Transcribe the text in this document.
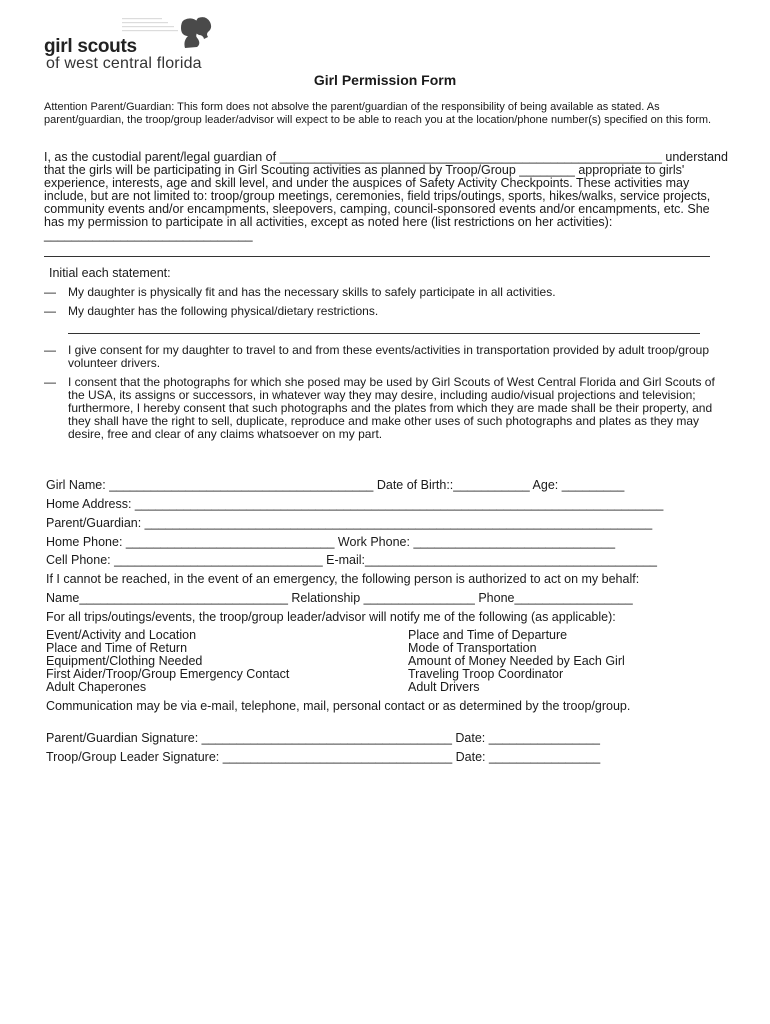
girl scouts
of west central florida
Girl Permission Form

Attention Parent/Guardian: This form does not absolve the parent/guardian of the responsibility of being available as stated. As parent/guardian, the troop/group leader/advisor will expect to be able to reach you at the location/phone number(s) specified on this form.

I, as the custodial parent/legal guardian of _______________________________________________________ understand that the girls will be participating in Girl Scouting activities as planned by Troop/Group ________ appropriate to girls' experience, interests, age and skill level, and under the auspices of Safety Activity Checkpoints. These activities may include, but are not limited to: troop/group meetings, ceremonies, field trips/outings, sports, hikes/walks, service projects, community events and/or encampments, sleepovers, camping, council-sponsored events and/or encampments, etc. She has my permission to participate in all activities, except as noted here (list restrictions on her activities): ______________________________

Initial each statement:
— My daughter is physically fit and has the necessary skills to safely participate in all activities.
— My daughter has the following physical/dietary restrictions.
— I give consent for my daughter to travel to and from these events/activities in transportation provided by adult troop/group volunteer drivers.
— I consent that the photographs for which she posed may be used by Girl Scouts of West Central Florida and Girl Scouts of the USA, its assigns or successors, in whatever way they may desire, including audio/visual projections and television; furthermore, I hereby consent that such photographs and the plates from which they are made shall be their property, and they shall have the right to sell, duplicate, reproduce and make other uses of such photographs and plates as they may desire, free and clear of any claims whatsoever on my part.
Girl Name: ______________________________________ Date of Birth::___________ Age: _________
Home Address: ____________________________________________________________________________
Parent/Guardian: _________________________________________________________________________
Home Phone: ______________________________ Work Phone: _____________________________
Cell Phone: ______________________________ E-mail:__________________________________________
If I cannot be reached, in the event of an emergency, the following person is authorized to act on my behalf:
Name______________________________ Relationship ________________ Phone_________________
For all trips/outings/events, the troop/group leader/advisor will notify me of the following (as applicable):
Event/Activity and Location
Place and Time of Return
Equipment/Clothing Needed
First Aider/Troop/Group Emergency Contact
Adult Chaperones
Place and Time of Departure
Mode of Transportation
Amount of Money Needed by Each Girl
Traveling Troop Coordinator
Adult Drivers
Communication may be via e-mail, telephone, mail, personal contact or as determined by the troop/group.
Parent/Guardian Signature: ____________________________________ Date: ________________
Troop/Group Leader Signature: _________________________________ Date: ________________
